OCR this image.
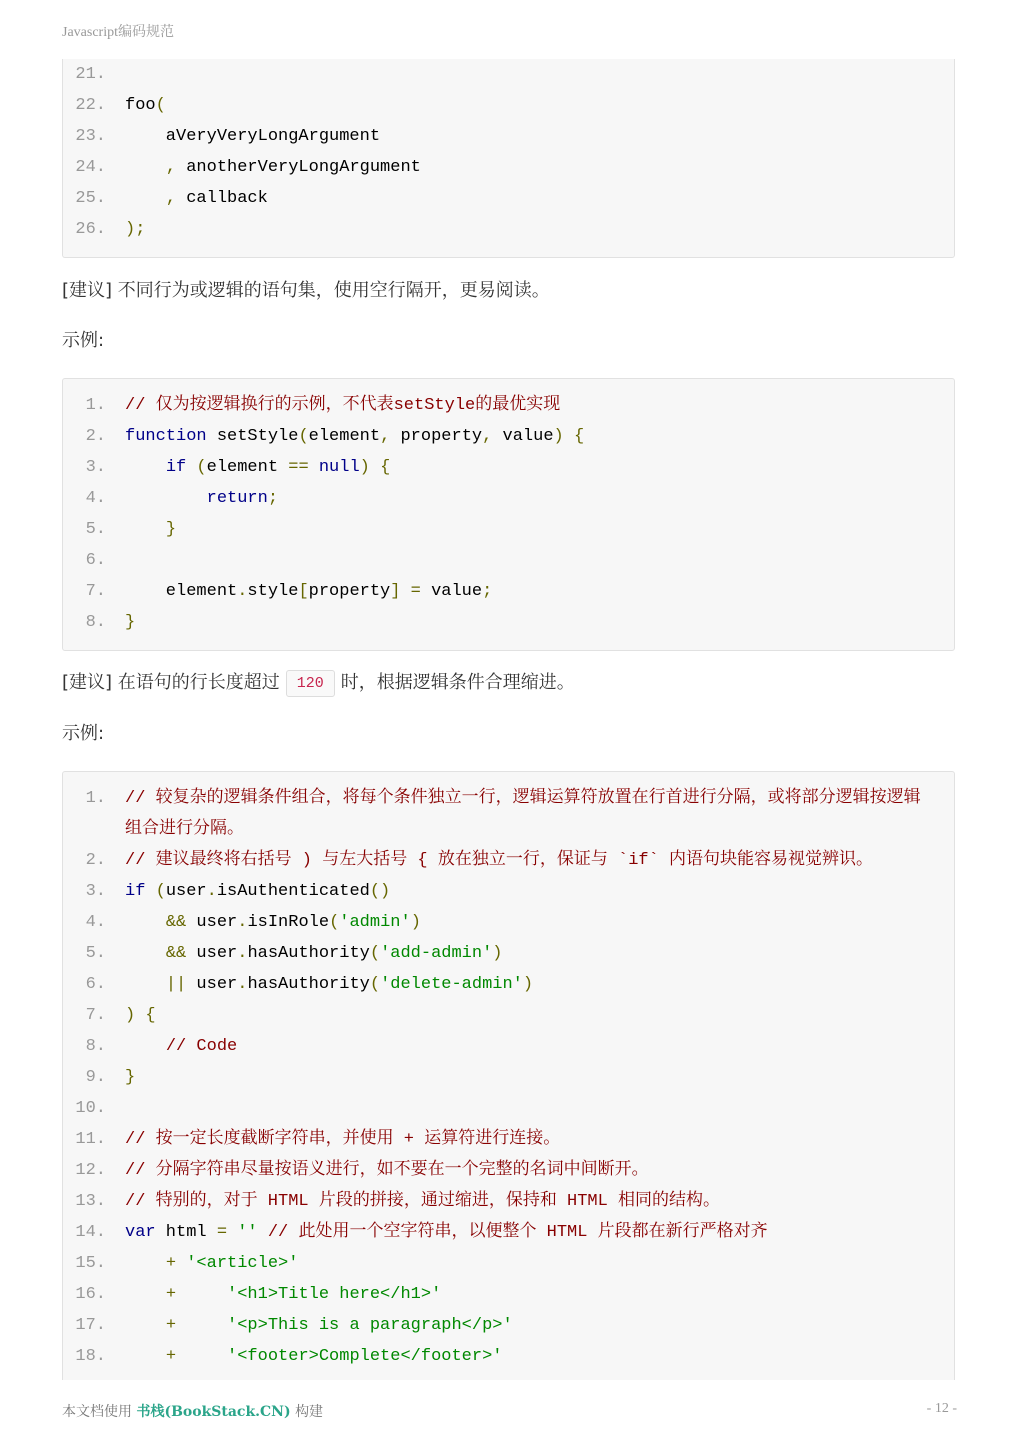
Javascript编码规范
21.
22. foo(
23. aVeryVeryLongArgument
24.	, anotherVeryLongArgument
25.	, callback
26. );
[建议] 不同行为或逻辑的语句集，使用空行隔开，更易阅读。
示例:
1. // 仅为按逻辑换行的示例，不代表setStyle的最优实现
2. function setStyle(element, property, value) {
3.	if (element == null) {
4.	return;
5.	}
6.
7. element.style[property] = value;
8. }
[建议] 在语句的行长度超过 120 时，根据逻辑条件合理缩进。
示例:
1. // 较复杂的逻辑条件组合，将每个条件独立一行，逻辑运算符放置在行首进行分隔，或将部分逻辑按逻辑
组合进行分隔。
2. // 建议最终将右括号 ) 与左大括号 { 放在独立一行，保证与 `if` 内语句块能容易视觉辨识。
3. if (user.isAuthenticated()
4.	&& user.isInRole('admin')
5.	&& user.hasAuthority('add-admin')
6.	|| user.hasAuthority('delete-admin')
7. ) {
8.	// Code
9. }
10.
11. // 按一定长度截断字符串，并使用 + 运算符进行连接。
12. // 分隔字符串尽量按语义进行，如不要在一个完整的名词中间断开。
13. // 特别的，对于 HTML 片段的拼接，通过缩进，保持和 HTML 相同的结构。
14. var html = '' // 此处用一个空字符串，以便整个 HTML 片段都在新行严格对齐
15.	+ '<article>'
16.	+	'<h1>Title here</h1>'
17.	+	'<p>This is a paragraph</p>'
18.	+	'<footer>Complete</footer>'
本文档使用 书栈(BookStack.CN) 构建	- 12 -
